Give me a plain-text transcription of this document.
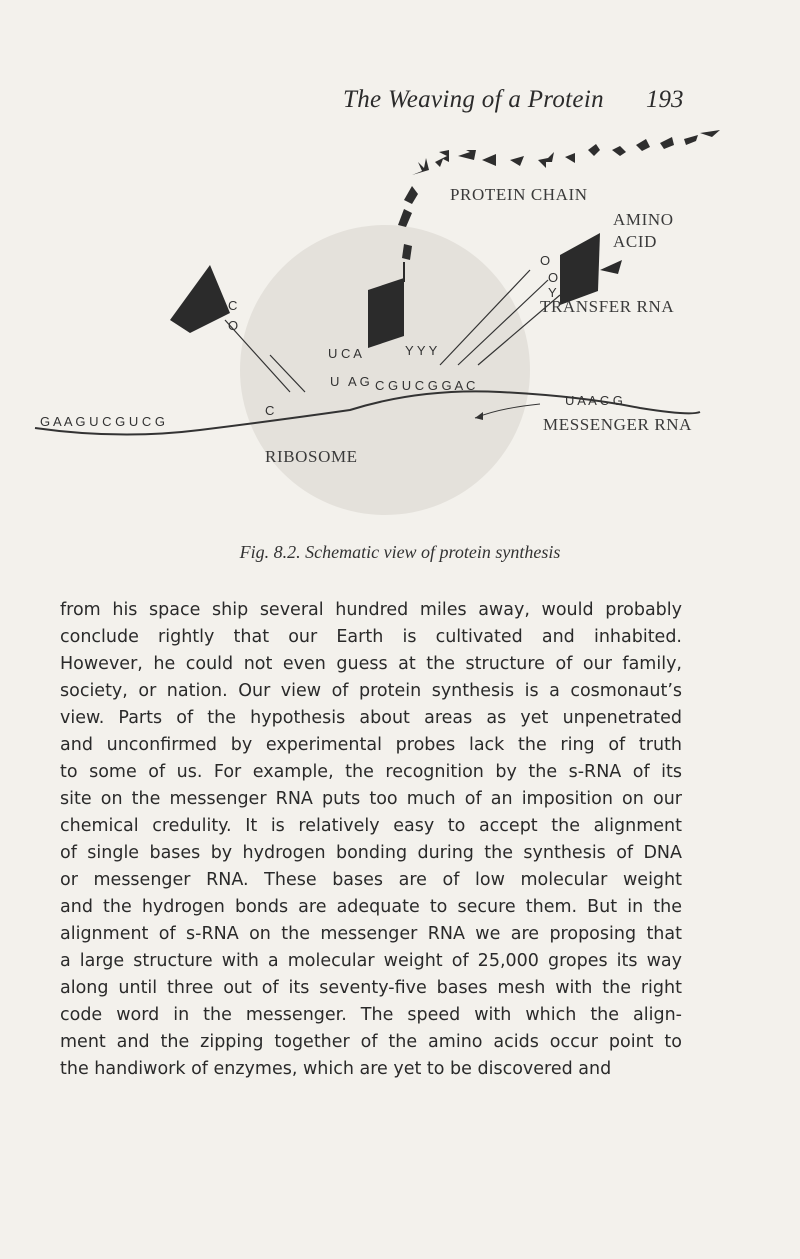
The Weaving of a Protein 193
O
O
Y
C
O
U C A
U A G
Y Y Y
G A A G U C G U C G
C
C G U C G G A C
U A A C G
PROTEIN CHAIN
AMINO
ACID
TRANSFER RNA
MESSENGER RNA
RIBOSOME
Fig. 8.2. Schematic view of protein synthesis

from his space ship several hundred miles away, would probably
conclude rightly that our Earth is cultivated and inhabited.
However, he could not even guess at the structure of our family,
society, or nation. Our view of protein synthesis is a cosmonaut’s
view. Parts of the hypothesis about areas as yet unpenetrated
and unconfirmed by experimental probes lack the ring of truth
to some of us. For example, the recognition by the s-RNA of its
site on the messenger RNA puts too much of an imposition on our
chemical credulity. It is relatively easy to accept the alignment
of single bases by hydrogen bonding during the synthesis of DNA
or messenger RNA. These bases are of low molecular weight
and the hydrogen bonds are adequate to secure them. But in the
alignment of s-RNA on the messenger RNA we are proposing that
a large structure with a molecular weight of 25,000 gropes its way
along until three out of its seventy-five bases mesh with the right
code word in the messenger. The speed with which the align-
ment and the zipping together of the amino acids occur point to
the handiwork of enzymes, which are yet to be discovered and
